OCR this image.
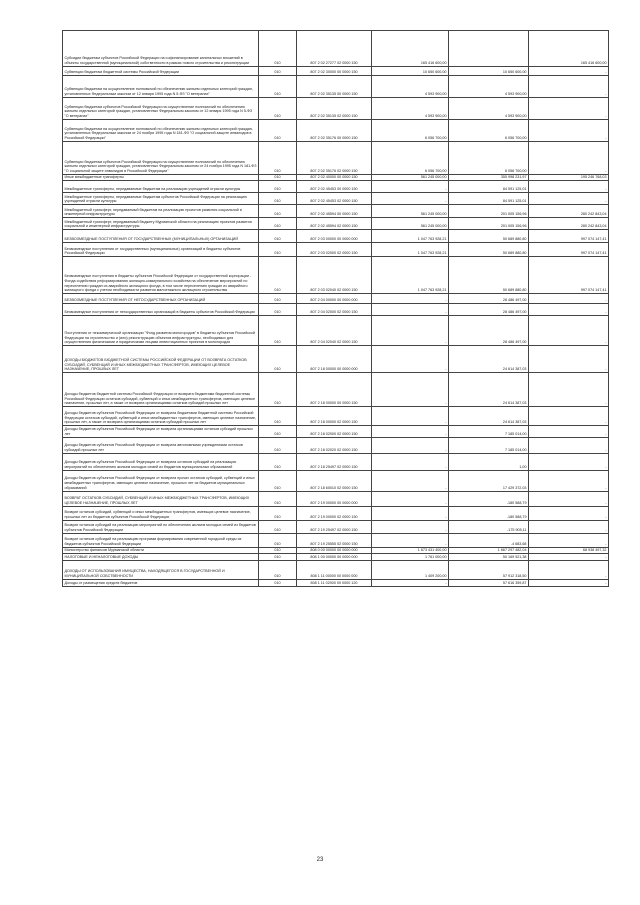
Субсидии бюджетам субъектов Российской Федерации на софинансирование капитальных вложений в объекты государственной (муниципальной) собственности в рамках нового строительства и реконструкции	010	807 2 02 27277 02 0000 150	165 416 600,00		165 416 600,00
Субвенции бюджетам бюджетной системы Российской Федерации	010	807 2 02 30000 00 0000 150	10 650 600,00	10 650 600,00	-
Субвенции бюджетам на осуществление полномочий по обеспечению жильем отдельных категорий граждан, установленных Федеральным законом от 12 января 1995 года N 5-ФЗ "О ветеранах"	010	807 2 02 35135 00 0000 150	4 593 900,00	4 593 900,00	-
Субвенции бюджетам субъектов Российской Федерации на осуществление полномочий по обеспечению жильем отдельных категорий граждан, установленных Федеральным законом от 12 января 1995 года N 5-ФЗ "О ветеранах"	010	807 2 02 35135 02 0000 150	4 593 900,00	4 593 900,00	-
Субвенции бюджетам на осуществление полномочий по обеспечению жильем отдельных категорий граждан, установленных Федеральным законом от 24 ноября 1995 года N 181-ФЗ "О социальной защите инвалидов в Российской Федерации"	010	807 2 02 35176 00 0000 150	6 056 700,00	6 056 700,00	-
Субвенции бюджетам субъектов Российской Федерации на осуществление полномочий по обеспечению жильем отдельных категорий граждан, установленных Федеральным законом от 24 ноября 1995 года N 181-ФЗ "О социальной защите инвалидов в Российской Федерации"	010	807 2 02 35176 02 0000 150	6 056 700,00	6 056 700,00	-
Иные межбюджетные трансферты	010	807 2 02 40000 00 0000 150	561 245 000,00	355 998 231,97	195 246 768,03
Межбюджетные трансферты, передаваемые бюджетам на реализацию учреждений отрасли культуры	010	807 2 02 45453 00 0000 150	-	84 591 125,01	-
Межбюджетные трансферты, передаваемые бюджетам субъектов Российской Федерации на реализацию учреждений отрасли культуры	010	807 2 02 45453 02 0000 150	-	84 591 125,01	-
Межбюджетный трансферт, передаваемый бюджетам на реализацию проектов развития социальной и инженерной инфраструктуры	010	807 2 02 45594 00 0000 150	561 245 000,00	201 005 156,96	280 242 843,04
Межбюджетный трансферт, передаваемый бюджету Мурманской области на реализацию проектов развития социальной и инженерной инфраструктуры	010	807 2 02 45594 02 0000 150	561 245 000,00	201 005 156,96	280 242 843,04
БЕЗВОЗМЕЗДНЫЕ ПОСТУПЛЕНИЯ ОТ ГОСУДАРСТВЕННЫХ (МУНИЦИПАЛЬНЫХ) ОРГАНИЗАЦИЙ	010	807 2 03 00000 00 0000 000	1 047 763 928,21	50 689 880,80	997 074 147,41
Безвозмездные поступления от государственных (муниципальных) организаций в бюджеты субъектов Российской Федерации	010	807 2 03 02000 02 0000 150	1 047 763 928,21	50 689 880,80	997 074 147,41
Безвозмездные поступления в бюджеты субъектов Российской Федерации от государственной корпорации - Фонда содействия реформированию жилищно-коммунального хозяйства на обеспечение мероприятий по переселению граждан из аварийного жилищного фонда, в том числе переселению граждан из аварийного жилищного фонда с учетом необходимости развития малоэтажного жилищного строительства	010	807 2 03 02040 02 0000 150	1 047 763 928,21	50 689 880,80	997 074 147,41
БЕЗВОЗМЕЗДНЫЕ ПОСТУПЛЕНИЯ ОТ НЕГОСУДАРСТВЕННЫХ ОРГАНИЗАЦИЙ	010	807 2 04 00000 00 0000 000	-	28 486 497,00	-
Безвозмездные поступления от негосударственных организаций в бюджеты субъектов Российской Федерации	010	807 2 04 02000 02 0000 150	-	28 486 497,00	-
Поступления от некоммерческой организации "Фонд развития моногородов" в бюджеты субъектов Российской Федерации на строительство и (или) реконструкцию объектов инфраструктуры, необходимых для осуществления физическими и юридическими лицами инвестиционных проектов в моногородах	010	807 2 04 02040 02 0000 150	-	28 486 497,00	-
ДОХОДЫ БЮДЖЕТОВ БЮДЖЕТНОЙ СИСТЕМЫ РОССИЙСКОЙ ФЕДЕРАЦИИ ОТ ВОЗВРАТА ОСТАТКОВ СУБСИДИЙ, СУБВЕНЦИЙ И ИНЫХ МЕЖБЮДЖЕТНЫХ ТРАНСФЕРТОВ, ИМЕЮЩИХ ЦЕЛЕВОЕ НАЗНАЧЕНИЕ, ПРОШЛЫХ ЛЕТ	010	807 2 18 00000 00 0000 000	-	24 614 387,03	-
Доходы бюджетов бюджетной системы Российской Федерации от возврата бюджетами бюджетной системы Российской Федерации остатков субсидий, субвенций и иных межбюджетных трансфертов, имеющих целевое назначение, прошлых лет, а также от возврата организациями остатков субсидий прошлых лет	010	807 2 18 00000 00 0000 150	-	24 614 387,03	-
Доходы бюджетов субъектов Российской Федерации от возврата бюджетами бюджетной системы Российской Федерации остатков субсидий, субвенций и иных межбюджетных трансфертов, имеющих целевое назначение, прошлых лет, а также от возврата организациями остатков субсидий прошлых лет	010	807 2 18 00000 02 0000 150	-	24 614 387,03	-
Доходы бюджетов субъектов Российской Федерации от возврата организациями остатков субсидий прошлых лет	010	807 2 18 02000 02 0000 150	-	7 185 014,00	-
Доходы бюджетов субъектов Российской Федерации от возврата автономными учреждениями остатков субсидий прошлых лет	010	807 2 18 02020 02 0000 150	-	7 185 014,00	-
Доходы бюджетов субъектов Российской Федерации от возврата остатков субсидий на реализацию мероприятий по обеспечению жильем молодых семей из бюджетов муниципальных образований	010	807 2 18 25497 02 0000 150	-	1,00	-
Доходы бюджетов субъектов Российской Федерации от возврата прочих остатков субсидий, субвенций и иных межбюджетных трансфертов, имеющих целевое назначение, прошлых лет из бюджетов муниципальных образований	010	807 2 18 60010 02 0000 150	-	17 429 372,03	-
ВОЗВРАТ ОСТАТКОВ СУБСИДИЙ, СУБВЕНЦИЙ И ИНЫХ МЕЖБЮДЖЕТНЫХ ТРАНСФЕРТОВ, ИМЕЮЩИХ ЦЕЛЕВОЕ НАЗНАЧЕНИЕ, ПРОШЛЫХ ЛЕТ	010	807 2 19 00000 00 0000 000	-	-180 588,79	-
Возврат остатков субсидий, субвенций и иных межбюджетных трансфертов, имеющих целевое назначение, прошлых лет из бюджетов субъектов Российской Федерации	010	807 2 19 00000 02 0000 150	-	-180 588,79	-
Возврат остатков субсидий на реализацию мероприятий по обеспечению жильем молодых семей из бюджетов субъектов Российской Федерации	010	807 2 19 25497 02 0000 150	-	-175 905,11	-
Возврат остатков субсидий на реализацию программ формирования современной городской среды из бюджетов субъектов Российской Федерации	010	807 2 19 25555 02 0000 150	-	-4 683,68	-
Министерство финансов Мурманской области	010	808 0 00 00000 00 0000 000	1 673 431 400,00	1 667 297 482,04	68 938 497,32
НАЛОГОВЫЕ И НЕНАЛОГОВЫЕ ДОХОДЫ	010	808 1 00 00000 00 0000 000	1 761 000,00	50 169 521,38	-
ДОХОДЫ ОТ ИСПОЛЬЗОВАНИЯ ИМУЩЕСТВА, НАХОДЯЩЕГОСЯ В ГОСУДАРСТВЕННОЙ И МУНИЦИПАЛЬНОЙ СОБСТВЕННОСТИ	010	808 1 11 00000 00 0000 000	1 409 200,00	57 912 318,50	-
Доходы от размещения средств бюджетов	010	808 1 11 02000 00 0000 120	-	57 616 359,87	-
23
